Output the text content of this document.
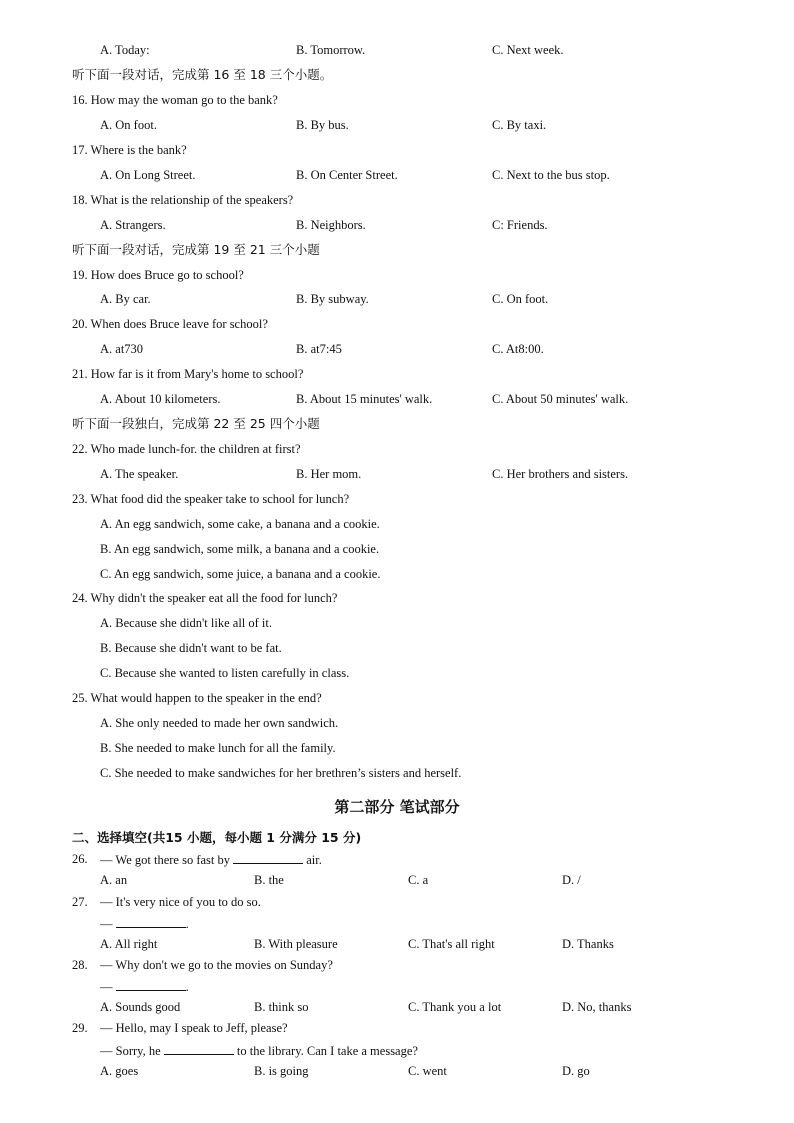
A. Today:	B. Tomorrow.	C. Next week.
听下面一段对话，完成第 16 至 18 三个小题。
16. How may the woman go to the bank?
A. On foot.	B. By bus.	C. By taxi.
17. Where is the bank?
A. On Long Street.	B. On Center Street.	C. Next to the bus stop.
18. What is the relationship of the speakers?
A. Strangers.	B. Neighbors.	C: Friends.
听下面一段对话，完成第 19 至 21 三个小题
19. How does Bruce go to school?
A. By car.	B. By subway.	C. On foot.
20. When does Bruce leave for school?
A. at730	B. at7:45	C. At8:00.
21. How far is it from Mary's home to school?
A. About 10 kilometers.	B. About 15 minutes' walk.	C. About 50 minutes' walk.
听下面一段独白，完成第 22 至 25 四个小题
22. Who made lunch-for. the children at first?
A. The speaker.	B. Her mom.	C. Her brothers and sisters.
23. What food did the speaker take to school for lunch?
A. An egg sandwich, some cake, a banana and a cookie.
B. An egg sandwich, some milk, a banana and a cookie.
C. An egg sandwich, some juice, a banana and a cookie.
24. Why didn't the speaker eat all the food for lunch?
A. Because she didn't like all of it.
B. Because she didn't want to be fat.
C. Because she wanted to listen carefully in class.
25. What would happen to the speaker in the end?
A. She only needed to made her own sandwich.
B. She needed to make lunch for all the family.
C. She needed to make sandwiches for her brethren’s sisters and herself.
第二部分 笔试部分
二、选择填空(共15 小题，每小题 1 分满分 15 分)
26. — We got there so fast by	air.
A. an	B. the	C. a	D. /
27. — It's very nice of you to do so.
—	.
A. All right	B. With pleasure	C. That's all right	D. Thanks
28. — Why don't we go to the movies on Sunday?
—	.
A. Sounds good	B. think so	C. Thank you a lot	D. No, thanks
29. — Hello, may I speak to Jeff, please?
— Sorry, he	to the library. Can I take a message?
A. goes	B. is going	C. went	D. go
